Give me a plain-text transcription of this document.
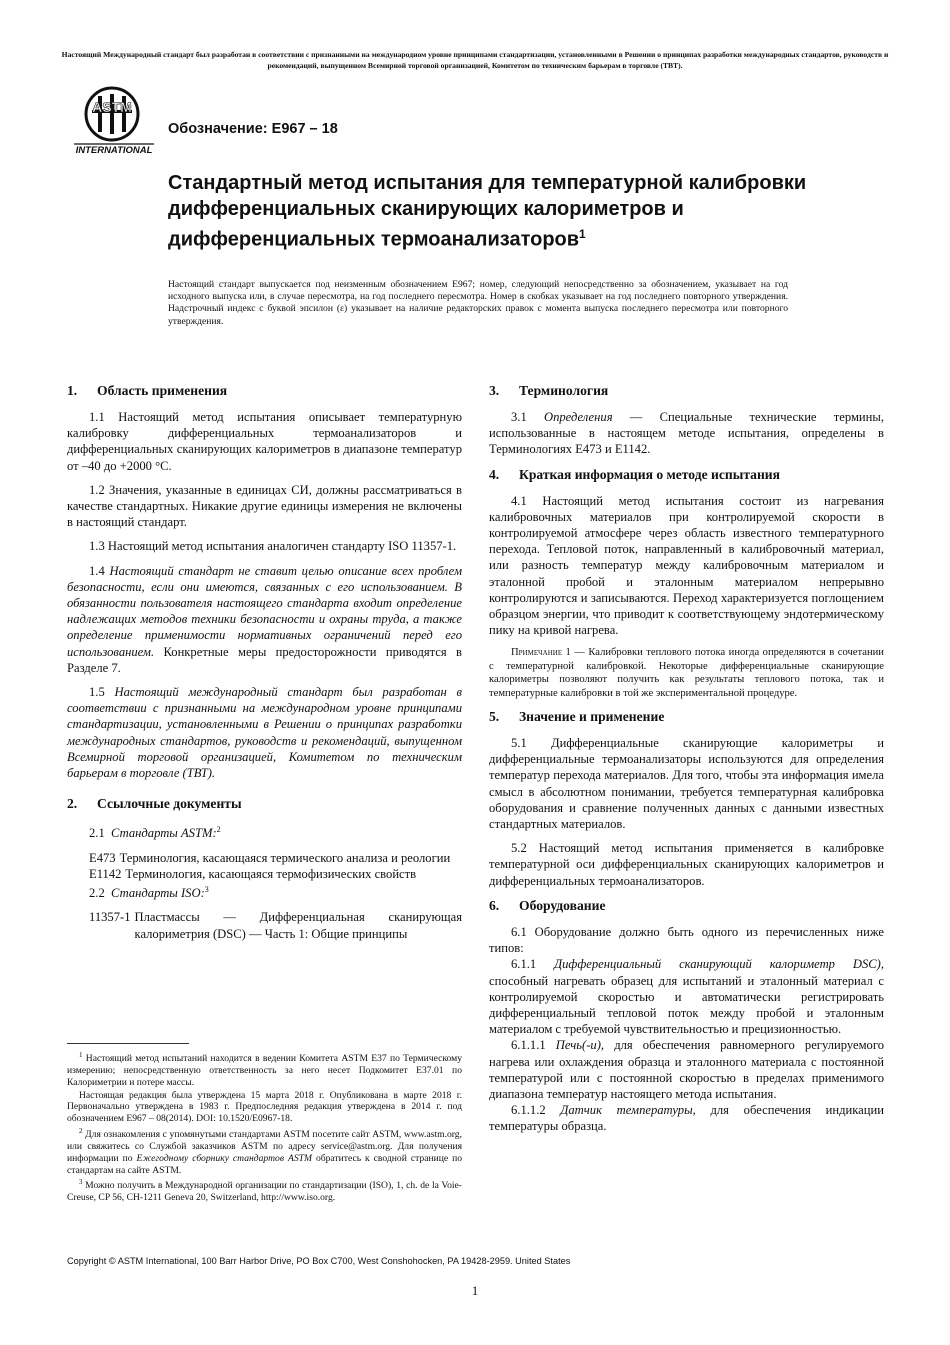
Настоящий Международный стандарт был разработан в соответствии с признанными на международном уровне принципами стандартизации, установленными в Решении о принципах разработки международных стандартов, руководств и рекомендаций, выпущенном Всемирной торговой организацией, Комитетом по техническим барьерам в торговле (ТВТ).
ASTM
INTERNATIONAL
Обозначение: E967 – 18
Стандартный метод испытания для температурной калибровки дифференциальных сканирующих калориметров и дифференциальных термоанализаторов$^1$
Настоящий стандарт выпускается под неизменным обозначением E967; номер, следующий непосредственно за обозначением, указывает на год исходного выпуска или, в случае пересмотра, на год последнего пересмотра. Номер в скобках указывает на год последнего повторного утверждения. Надстрочный индекс с буквой эпсилон (ε) указывает на наличие редакторских правок с момента выпуска последнего пересмотра или повторного утверждения.
1. Область применения

1.1 Настоящий метод испытания описывает температурную калибровку дифференциальных термоанализаторов и дифференциальных сканирующих калориметров в диапазоне температур от –40 до +2000 °C.

1.2 Значения, указанные в единицах СИ, должны рассматриваться в качестве стандартных. Никакие другие единицы измерения не включены в настоящий стандарт.

1.3 Настоящий метод испытания аналогичен стандарту ISO 11357-1.

1.4 Настоящий стандарт не ставит целью описание всех проблем безопасности, если они имеются, связанных с его использованием. В обязанности пользователя настоящего стандарта входит определение надлежащих методов техники безопасности и охраны труда, а также определение применимости нормативных ограничений перед его использованием. Конкретные меры предосторожности приводятся в Разделе 7.

1.5 Настоящий международный стандарт был разработан в соответствии с признанными на международном уровне принципами стандартизации, установленными в Решении о принципах разработки международных стандартов, руководств и рекомендаций, выпущенном Всемирной торговой организацией, Комитетом по техническим барьерам в торговле (ТВТ).

2. Ссылочные документы

2.1 Стандарты ASTM:$^2$

E473 Терминология, касающаяся термического анализа и реологии
E1142 Терминология, касающаяся термофизических свойств

2.2 Стандарты ISO:$^3$

11357-1 Пластмассы — Дифференциальная сканирующая калориметрия (DSC) — Часть 1: Общие принципы

$^1$ Настоящий метод испытаний находится в ведении Комитета ASTM E37 по Термическому измерению; непосредственную ответственность за него несет Подкомитет E37.01 по Калориметрии и потере массы.

Настоящая редакция была утверждена 15 марта 2018 г. Опубликована в марте 2018 г. Первоначально утверждена в 1983 г. Предпоследняя редакция утверждена в 2014 г. под обозначением E967 – 08(2014). DOI: 10.1520/E0967-18.

$^2$ Для ознакомления с упомянутыми стандартами ASTM посетите сайт ASTM, www.astm.org, или свяжитесь со Службой заказчиков ASTM по адресу service@astm.org. Для получения информации по Ежегодному сборнику стандартов ASTM обратитесь к сводной странице по стандартам на сайте ASTM.

$^3$ Можно получить в Международной организации по стандартизации (ISO), 1, ch. de la Voie-Creuse, CP 56, CH-1211 Geneva 20, Switzerland, http://www.iso.org.

3. Терминология

3.1 Определения — Специальные технические термины, использованные в настоящем методе испытания, определены в Терминологиях E473 и E1142.

4. Краткая информация о методе испытания

4.1 Настоящий метод испытания состоит из нагревания калибровочных материалов при контролируемой скорости в контролируемой атмосфере через область известного температурного перехода. Тепловой поток, направленный в калибровочный материал, или разность температур между калибровочным материалом и эталонной пробой и эталонным материалом непрерывно контролируются и записываются. Переход характеризуется поглощением образцом энергии, что приводит к соответствующему эндотермическому пику на кривой нагрева.

Примечание 1 — Калибровки теплового потока иногда определяются в сочетании с температурной калибровкой. Некоторые дифференциальные сканирующие калориметры позволяют получить как результаты теплового потока, так и температурные калибровки в той же экспериментальной процедуре.

5. Значение и применение

5.1 Дифференциальные сканирующие калориметры и дифференциальные термоанализаторы используются для определения температур перехода материалов. Для того, чтобы эта информация имела смысл в абсолютном понимании, требуется температурная калибровка оборудования и сравнение полученных данных с данными известных стандартных материалов.

5.2 Настоящий метод испытания применяется в калибровке температурной оси дифференциальных сканирующих калориметров и дифференциальных термоанализаторов.

6. Оборудование

6.1 Оборудование должно быть одного из перечисленных ниже типов:

6.1.1 Дифференциальный сканирующий калориметр DSC), способный нагревать образец для испытаний и эталонный материал с контролируемой скоростью и автоматически регистрировать дифференциальный тепловой поток между пробой и эталонным материалом с требуемой чувствительностью и прецизионностью.

6.1.1.1 Печь(-и), для обеспечения равномерного регулируемого нагрева или охлаждения образца и эталонного материала с постоянной температурой или с постоянной скоростью в пределах применимого диапазона температур настоящего метода испытания.

6.1.1.2 Датчик температуры, для обеспечения индикации температуры образца.

Copyright © ASTM International, 100 Barr Harbor Drive, PO Box C700, West Conshohocken, PA 19428-2959. United States
1
